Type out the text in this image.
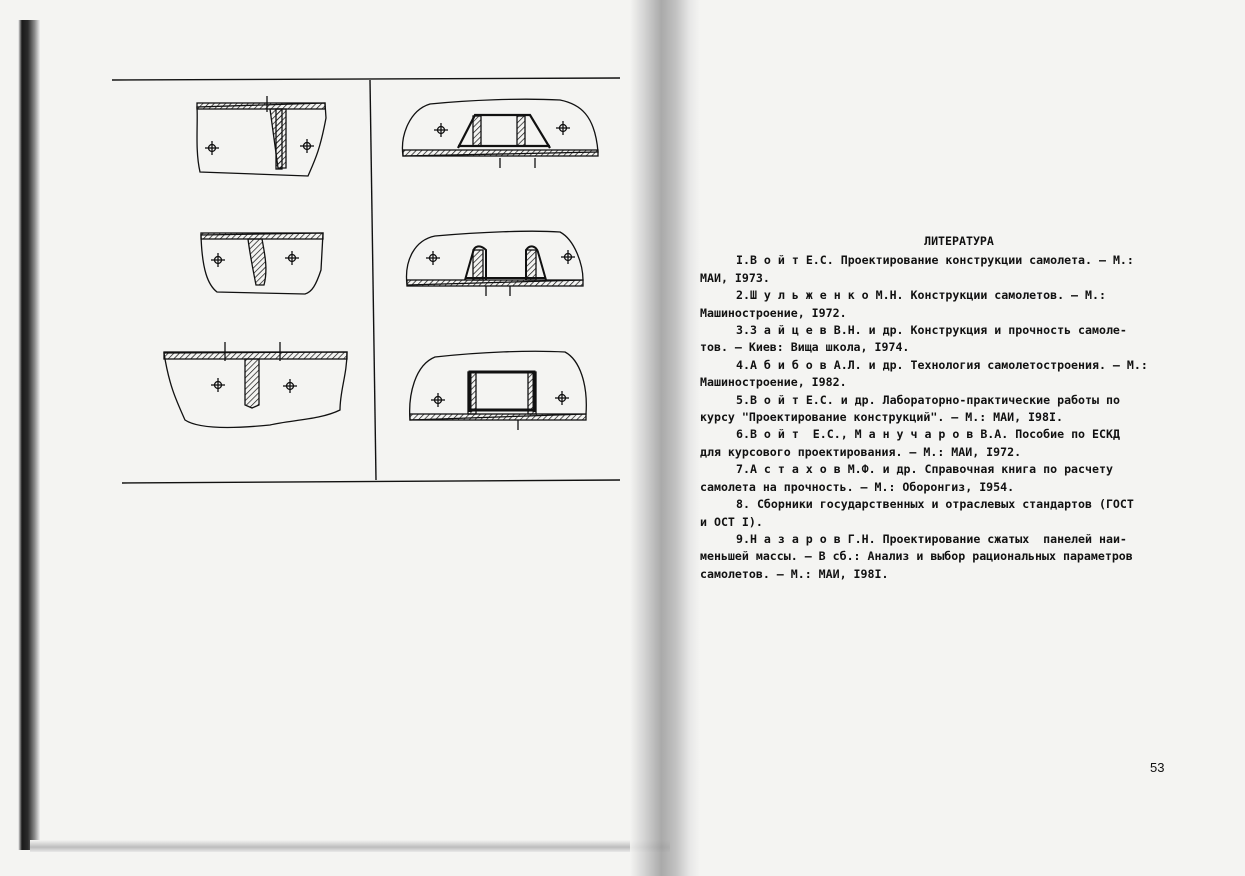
ЛИТЕРАТУРА
I.В о й т Е.С. Проектирование конструкции самолета. – М.:
МАИ, I973.
2.Ш у л ь ж е н к о М.Н. Конструкции самолетов. – М.:
Машиностроение, I972.
3.З а й ц е в В.Н. и др. Конструкция и прочность самоле-
тов. – Киев: Вища школа, I974.
4.А б и б о в А.Л. и др. Технология самолетостроения. – М.:
Машиностроение, I982.
5.В о й т Е.С. и др. Лабораторно-практические работы по
курсу "Проектирование конструкций". – М.: МАИ, I98I.
6.В о й т  Е.С., М а н у ч а р о в В.А. Пособие по ЕСКД
для курсового проектирования. – М.: МАИ, I972.
7.А с т а х о в М.Ф. и др. Справочная книга по расчету
самолета на прочность. – М.: Оборонгиз, I954.
8. Сборники государственных и отраслевых стандартов (ГОСТ
и ОСТ I).
9.Н а з а р о в Г.Н. Проектирование сжатых  панелей наи-
меньшей массы. – В сб.: Анализ и выбор рациональных параметров
самолетов. – М.: МАИ, I98I.
53
